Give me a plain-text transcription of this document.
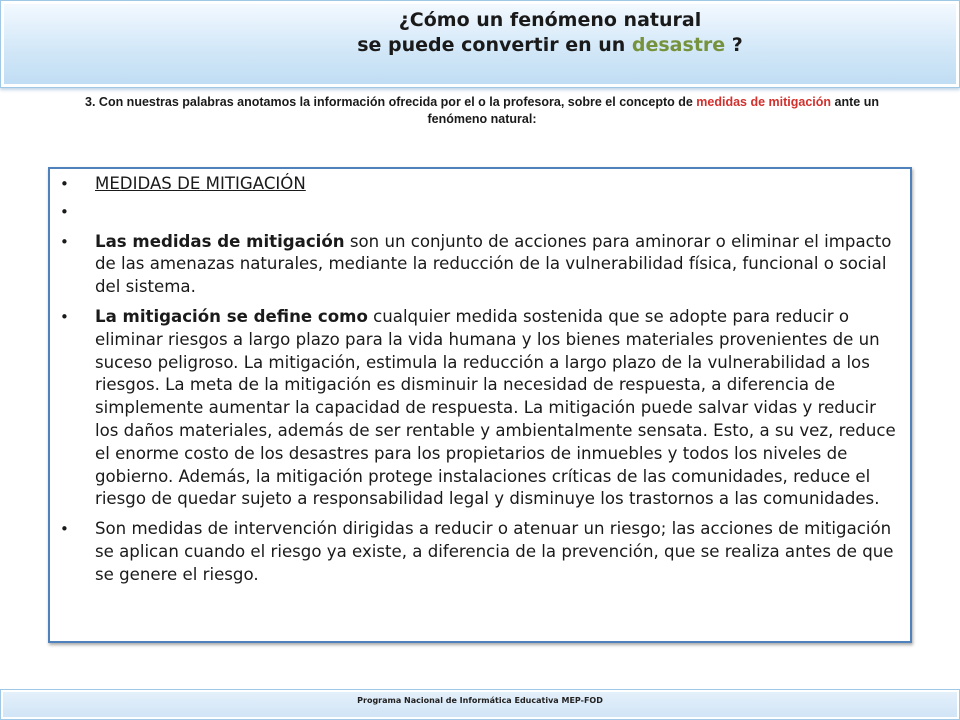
¿Cómo un fenómeno natural
se puede convertir en un desastre ?

3. Con nuestras palabras anotamos la información ofrecida por el o la profesora, sobre el concepto de medidas de mitigación ante un fenómeno natural:

• MEDIDAS DE MITIGACIÓN
•
• Las medidas de mitigación son un conjunto de acciones para aminorar o eliminar el impacto de las amenazas naturales, mediante la reducción de la vulnerabilidad física, funcional o social del sistema.
• La mitigación se define como cualquier medida sostenida que se adopte para reducir o eliminar riesgos a largo plazo para la vida humana y los bienes materiales provenientes de un suceso peligroso. La mitigación, estimula la reducción a largo plazo de la vulnerabilidad a los riesgos. La meta de la mitigación es disminuir la necesidad de respuesta, a diferencia de simplemente aumentar la capacidad de respuesta. La mitigación puede salvar vidas y reducir los daños materiales, además de ser rentable y ambientalmente sensata. Esto, a su vez, reduce el enorme costo de los desastres para los propietarios de inmuebles y todos los niveles de gobierno. Además, la mitigación protege instalaciones críticas de las comunidades, reduce el riesgo de quedar sujeto a responsabilidad legal y disminuye los trastornos a las comunidades.
• Son medidas de intervención dirigidas a reducir o atenuar un riesgo; las acciones de mitigación se aplican cuando el riesgo ya existe, a diferencia de la prevención, que se realiza antes de que se genere el riesgo.

Programa Nacional de Informática Educativa MEP-FOD
